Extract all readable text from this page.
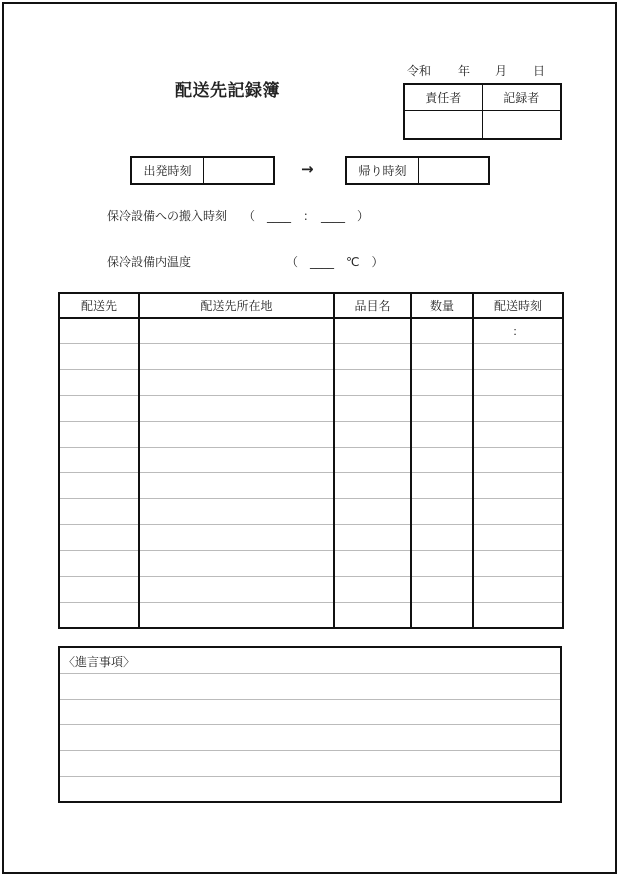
配送先記録簿
令和 年 月 日
責任者	記録者
出発時刻	→	帰り時刻
保冷設備への搬入時刻 （　____　：　____　）
保冷設備内温度	（　____　℃　）
配送先	配送先所在地	品目名	数量	配送時刻
				：

〈進言事項〉
